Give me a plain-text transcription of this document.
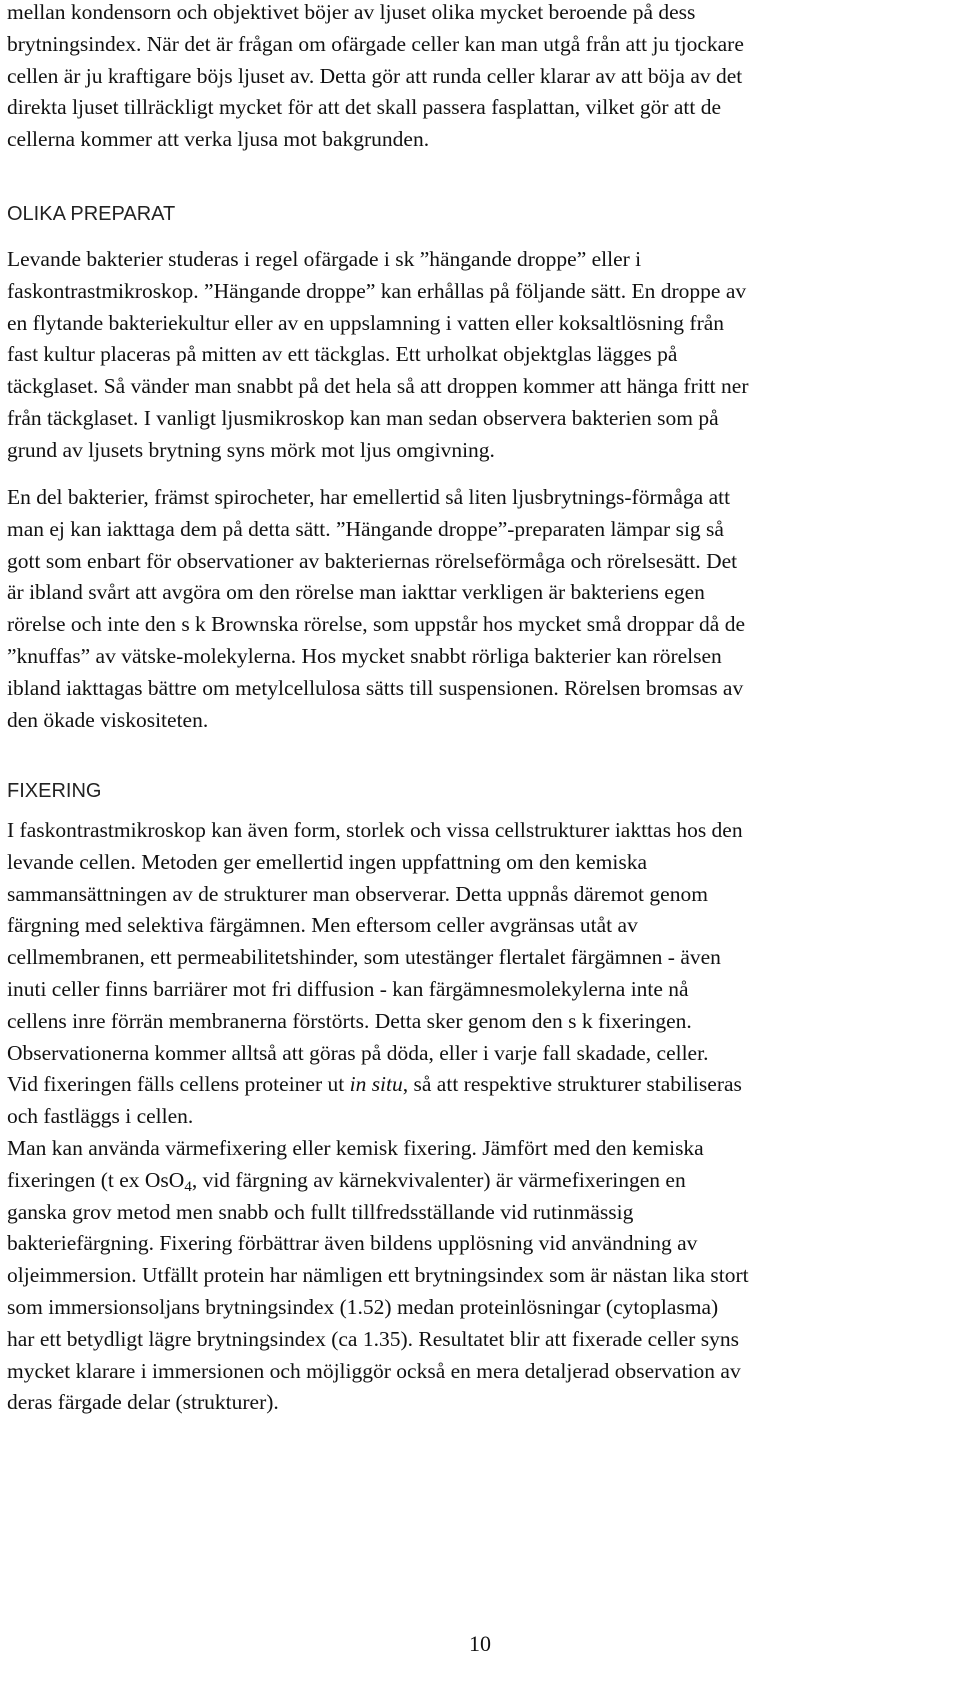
mellan kondensorn och objektivet böjer av ljuset olika mycket beroende på dess
brytningsindex. När det är frågan om ofärgade celler kan man utgå från att ju tjockare
cellen är ju kraftigare böjs ljuset av. Detta gör att runda celler klarar av att böja av det
direkta ljuset tillräckligt mycket för att det skall passera fasplattan, vilket gör att de
cellerna kommer att verka ljusa mot bakgrunden.

OLIKA PREPARAT

Levande bakterier studeras i regel ofärgade i sk ”hängande droppe” eller i
faskontrastmikroskop. ”Hängande droppe” kan erhållas på följande sätt. En droppe av
en flytande bakteriekultur eller av en uppslamning i vatten eller koksaltlösning från
fast kultur placeras på mitten av ett täckglas. Ett urholkat objektglas lägges på
täckglaset. Så vänder man snabbt på det hela så att droppen kommer att hänga fritt ner
från täckglaset. I vanligt ljusmikroskop kan man sedan observera bakterien som på
grund av ljusets brytning syns mörk mot ljus omgivning.

En del bakterier, främst spirocheter, har emellertid så liten ljusbrytnings-förmåga att
man ej kan iakttaga dem på detta sätt. ”Hängande droppe”-preparaten lämpar sig så
gott som enbart för observationer av bakteriernas rörelseförmåga och rörelsesätt. Det
är ibland svårt att avgöra om den rörelse man iakttar verkligen är bakteriens egen
rörelse och inte den s k Brownska rörelse, som uppstår hos mycket små droppar då de
”knuffas” av vätske-molekylerna. Hos mycket snabbt rörliga bakterier kan rörelsen
ibland iakttagas bättre om metylcellulosa sätts till suspensionen. Rörelsen bromsas av
den ökade viskositeten.

FIXERING

I faskontrastmikroskop kan även form, storlek och vissa cellstrukturer iakttas hos den
levande cellen. Metoden ger emellertid ingen uppfattning om den kemiska
sammansättningen av de strukturer man observerar. Detta uppnås däremot genom
färgning med selektiva färgämnen. Men eftersom celler avgränsas utåt av
cellmembranen, ett permeabilitetshinder, som utestänger flertalet färgämnen - även
inuti celler finns barriärer mot fri diffusion - kan färgämnesmolekylerna inte nå
cellens inre förrän membranerna förstörts. Detta sker genom den s k fixeringen.
Observationerna kommer alltså att göras på döda, eller i varje fall skadade, celler.
Vid fixeringen fälls cellens proteiner ut in situ, så att respektive strukturer stabiliseras
och fastläggs i cellen.
Man kan använda värmefixering eller kemisk fixering. Jämfört med den kemiska
fixeringen (t ex OsO$_4$, vid färgning av kärnekvivalenter) är värmefixeringen en
ganska grov metod men snabb och fullt tillfredsställande vid rutinmässig
bakteriefärgning. Fixering förbättrar även bildens upplösning vid användning av
oljeimmersion. Utfällt protein har nämligen ett brytningsindex som är nästan lika stort
som immersionsoljans brytningsindex (1.52) medan proteinlösningar (cytoplasma)
har ett betydligt lägre brytningsindex (ca 1.35). Resultatet blir att fixerade celler syns
mycket klarare i immersionen och möjliggör också en mera detaljerad observation av
deras färgade delar (strukturer).

10
